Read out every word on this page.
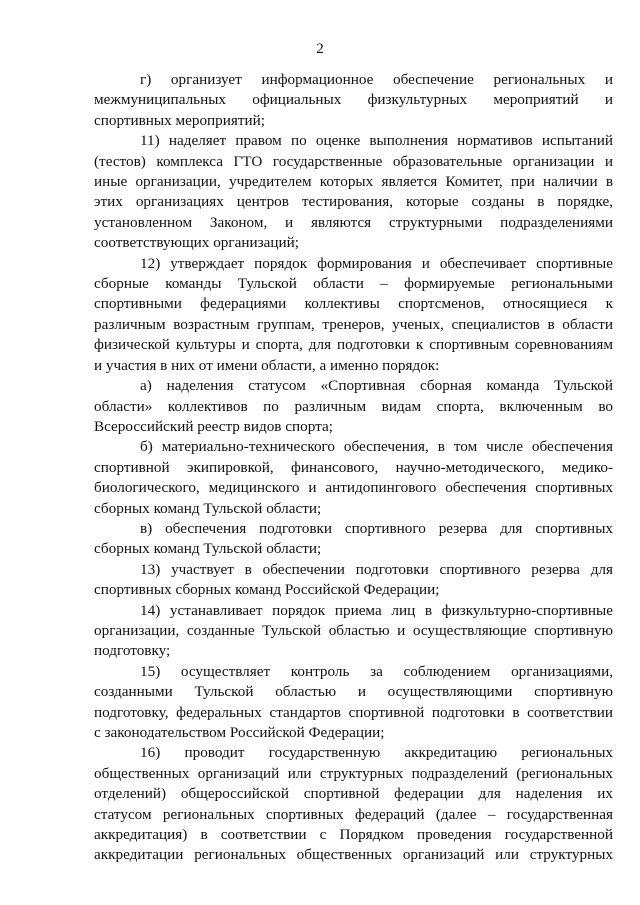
2
г) организует информационное обеспечение региональных и
межмуниципальных официальных физкультурных мероприятий и
спортивных мероприятий;
11) наделяет правом по оценке выполнения нормативов испытаний
(тестов) комплекса ГТО государственные образовательные организации и
иные организации, учредителем которых является Комитет, при наличии в
этих организациях центров тестирования, которые созданы в порядке,
установленном Законом, и являются структурными подразделениями
соответствующих организаций;
12) утверждает порядок формирования и обеспечивает спортивные
сборные команды Тульской области – формируемые региональными
спортивными федерациями коллективы спортсменов, относящиеся к
различным возрастным группам, тренеров, ученых, специалистов в области
физической культуры и спорта, для подготовки к спортивным соревнованиям
и участия в них от имени области, а именно порядок:
а) наделения статусом «Спортивная сборная команда Тульской
области» коллективов по различным видам спорта, включенным во
Всероссийский реестр видов спорта;
б) материально-технического обеспечения, в том числе обеспечения
спортивной экипировкой, финансового, научно-методического, медико-
биологического, медицинского и антидопингового обеспечения спортивных
сборных команд Тульской области;
в) обеспечения подготовки спортивного резерва для спортивных
сборных команд Тульской области;
13) участвует в обеспечении подготовки спортивного резерва для
спортивных сборных команд Российской Федерации;
14) устанавливает порядок приема лиц в физкультурно-спортивные
организации, созданные Тульской областью и осуществляющие спортивную
подготовку;
15) осуществляет контроль за соблюдением организациями,
созданными Тульской областью и осуществляющими спортивную
подготовку, федеральных стандартов спортивной подготовки в соответствии
с законодательством Российской Федерации;
16) проводит государственную аккредитацию региональных
общественных организаций или структурных подразделений (региональных
отделений) общероссийской спортивной федерации для наделения их
статусом региональных спортивных федераций (далее – государственная
аккредитация) в соответствии с Порядком проведения государственной
аккредитации региональных общественных организаций или структурных
